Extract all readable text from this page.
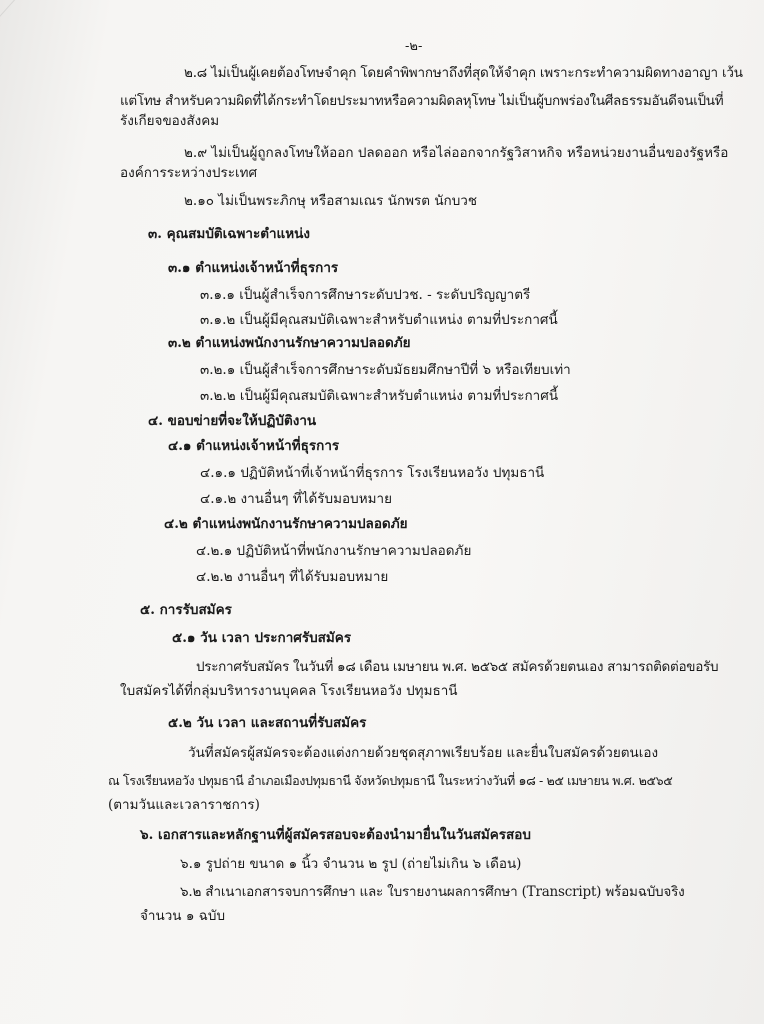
-๒-
๒.๘ ไม่เป็นผู้เคยต้องโทษจำคุก โดยคำพิพากษาถึงที่สุดให้จำคุก เพราะกระทำความผิดทางอาญา เว้น
แต่โทษ สำหรับความผิดที่ได้กระทำโดยประมาทหรือความผิดลหุโทษ ไม่เป็นผู้บกพร่องในศีลธรรมอันดีจนเป็นที่
รังเกียจของสังคม
๒.๙ ไม่เป็นผู้ถูกลงโทษให้ออก ปลดออก หรือไล่ออกจากรัฐวิสาหกิจ หรือหน่วยงานอื่นของรัฐหรือ
องค์การระหว่างประเทศ
๒.๑๐ ไม่เป็นพระภิกษุ หรือสามเณร นักพรต นักบวช
๓. คุณสมบัติเฉพาะตำแหน่ง
๓.๑ ตำแหน่งเจ้าหน้าที่ธุรการ
๓.๑.๑ เป็นผู้สำเร็จการศึกษาระดับปวช. - ระดับปริญญาตรี
๓.๑.๒ เป็นผู้มีคุณสมบัติเฉพาะสำหรับตำแหน่ง ตามที่ประกาศนี้
๓.๒ ตำแหน่งพนักงานรักษาความปลอดภัย
๓.๒.๑ เป็นผู้สำเร็จการศึกษาระดับมัธยมศึกษาปีที่ ๖ หรือเทียบเท่า
๓.๒.๒ เป็นผู้มีคุณสมบัติเฉพาะสำหรับตำแหน่ง ตามที่ประกาศนี้
๔. ขอบข่ายที่จะให้ปฏิบัติงาน
๔.๑ ตำแหน่งเจ้าหน้าที่ธุรการ
๔.๑.๑ ปฏิบัติหน้าที่เจ้าหน้าที่ธุรการ โรงเรียนหอวัง ปทุมธานี
๔.๑.๒ งานอื่นๆ ที่ได้รับมอบหมาย
๔.๒ ตำแหน่งพนักงานรักษาความปลอดภัย
๔.๒.๑ ปฏิบัติหน้าที่พนักงานรักษาความปลอดภัย
๔.๒.๒ งานอื่นๆ ที่ได้รับมอบหมาย
๕. การรับสมัคร
๕.๑ วัน เวลา ประกาศรับสมัคร
ประกาศรับสมัคร ในวันที่ ๑๘ เดือน เมษายน พ.ศ. ๒๕๖๕ สมัครด้วยตนเอง สามารถติดต่อขอรับ
ใบสมัครได้ที่กลุ่มบริหารงานบุคคล โรงเรียนหอวัง ปทุมธานี
๕.๒ วัน เวลา และสถานที่รับสมัคร
วันที่สมัครผู้สมัครจะต้องแต่งกายด้วยชุดสุภาพเรียบร้อย และยื่นใบสมัครด้วยตนเอง
ณ โรงเรียนหอวัง ปทุมธานี อำเภอเมืองปทุมธานี จังหวัดปทุมธานี ในระหว่างวันที่ ๑๘ - ๒๕ เมษายน พ.ศ. ๒๕๖๕
(ตามวันและเวลาราชการ)
๖. เอกสารและหลักฐานที่ผู้สมัครสอบจะต้องนำมายื่นในวันสมัครสอบ
๖.๑ รูปถ่าย ขนาด ๑ นิ้ว จำนวน ๒ รูป (ถ่ายไม่เกิน ๖ เดือน)
๖.๒ สำเนาเอกสารจบการศึกษา และ ใบรายงานผลการศึกษา (Transcript) พร้อมฉบับจริง
จำนวน ๑ ฉบับ
